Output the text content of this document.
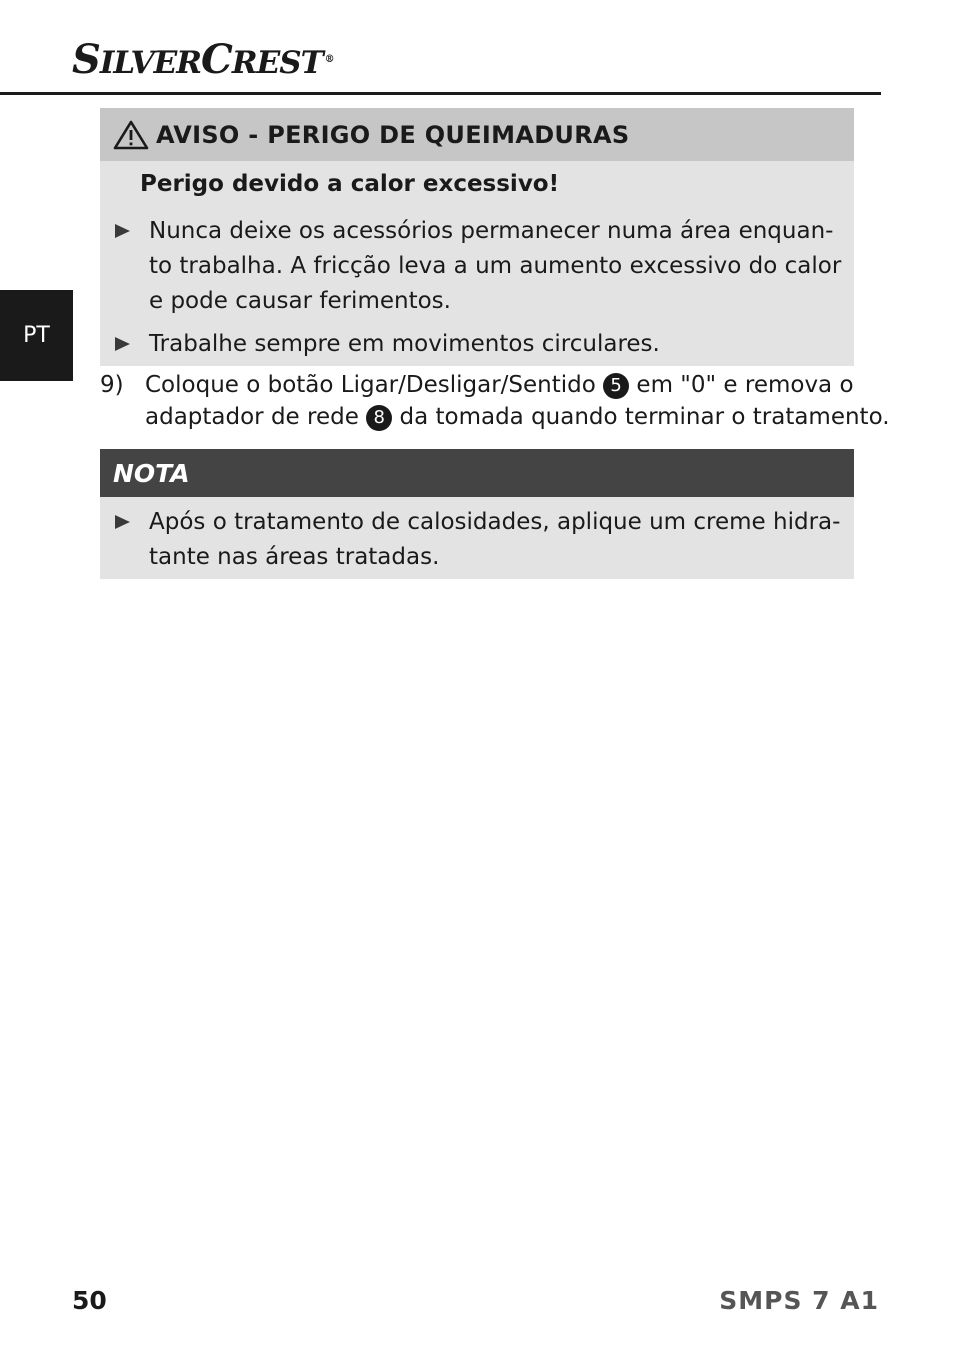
SILVERCREST ®
PT
AVISO - PERIGO DE QUEIMADURAS
Perigo devido a calor excessivo!
Nunca deixe os acessórios permanecer numa área enquan-
to trabalha. A fricção leva a um aumento excessivo do calor
e pode causar ferimentos.
Trabalhe sempre em movimentos circulares.
9) Coloque o botão Ligar/Desligar/Sentido 5 em "0" e remova o
adaptador de rede 8 da tomada quando terminar o tratamento.
NOTA
Após o tratamento de calosidades, aplique um creme hidra-
tante nas áreas tratadas.
50	SMPS 7 A1
